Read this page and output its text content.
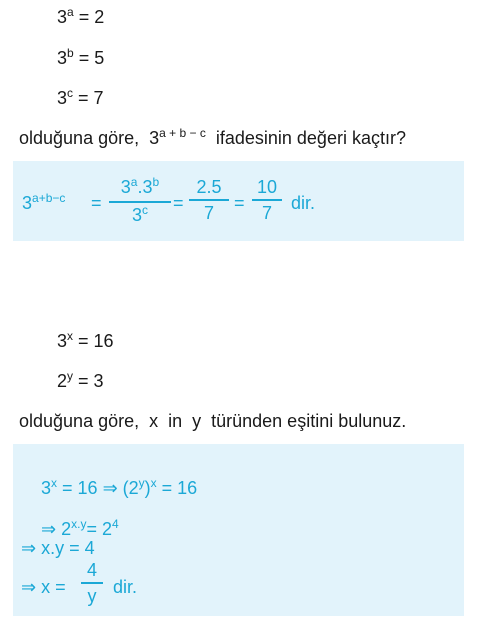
$3^a = 2$
$3^b = 5$
$3^c = 7$
olduğuna göre, $3^{a + b - c}$ ifadesinin değeri kaçtır?
$3^{a+b-c}$ =
$3^a.3^b$
$3^c$	=
2.5
7	=
10
7	dir.
$3^x = 16$
$2^y = 3$
olduğuna göre,  x  in  y  türünden eşitini bulunuz.

$3^x = 16$ ⇒ $(2^y)^x = 16$

⇒ $2^{x.y}= 2^4$

⇒ x.y = 4
⇒ x =
4
y dir.
